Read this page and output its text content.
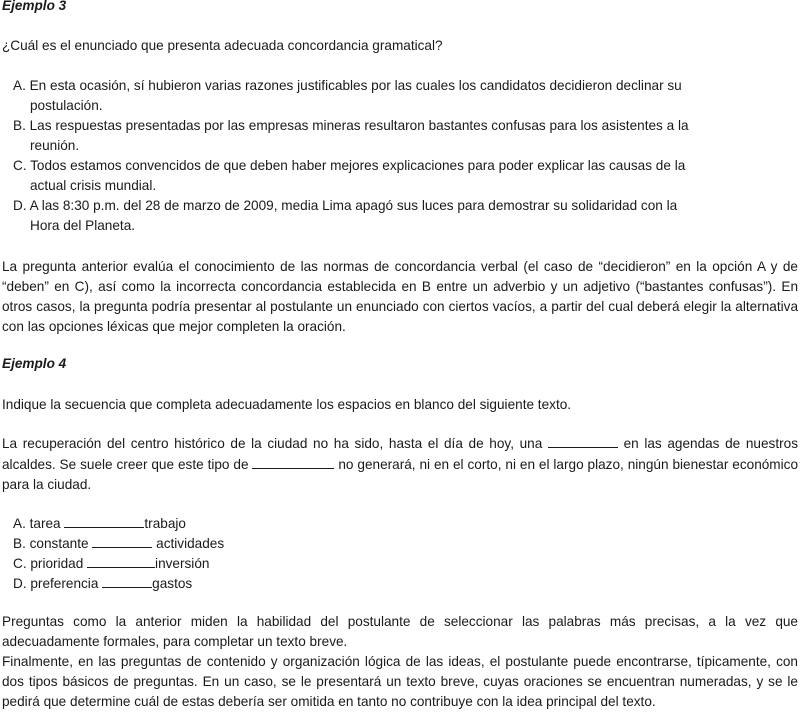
Ejemplo 3

¿Cuál es el enunciado que presenta adecuada concordancia gramatical?

A. En esta ocasión, sí hubieron varias razones justificables por las cuales los candidatos decidieron declinar su
postulación.
B. Las respuestas presentadas por las empresas mineras resultaron bastantes confusas para los asistentes a la
reunión.
C. Todos estamos convencidos de que deben haber mejores explicaciones para poder explicar las causas de la
actual crisis mundial.
D. A las 8:30 p.m. del 28 de marzo de 2009, media Lima apagó sus luces para demostrar su solidaridad con la
Hora del Planeta.

La pregunta anterior evalúa el conocimiento de las normas de concordancia verbal (el caso de “decidieron” en la opción A y de “deben” en C), así como la incorrecta concordancia establecida en B entre un adverbio y un adjetivo (“bastantes confusas”). En otros casos, la pregunta podría presentar al postulante un enunciado con ciertos vacíos, a partir del cual deberá elegir la alternativa con las opciones léxicas que mejor completen la oración.

Ejemplo 4

Indique la secuencia que completa adecuadamente los espacios en blanco del siguiente texto.

La recuperación del centro histórico de la ciudad no ha sido, hasta el día de hoy, una	en las agendas de nuestros alcaldes. Se suele creer que este tipo de	no generará, ni en el corto, ni en el largo plazo, ningún bienestar económico para la ciudad.

A. tarea	trabajo
B. constante	actividades
C. prioridad	inversión
D. preferencia	gastos

Preguntas como la anterior miden la habilidad del postulante de seleccionar las palabras más precisas, a la vez que adecuadamente formales, para completar un texto breve.

Finalmente, en las preguntas de contenido y organización lógica de las ideas, el postulante puede encontrarse, típicamente, con dos tipos básicos de preguntas. En un caso, se le presentará un texto breve, cuyas oraciones se encuentran numeradas, y se le pedirá que determine cuál de estas debería ser omitida en tanto no contribuye con la idea principal del texto.
